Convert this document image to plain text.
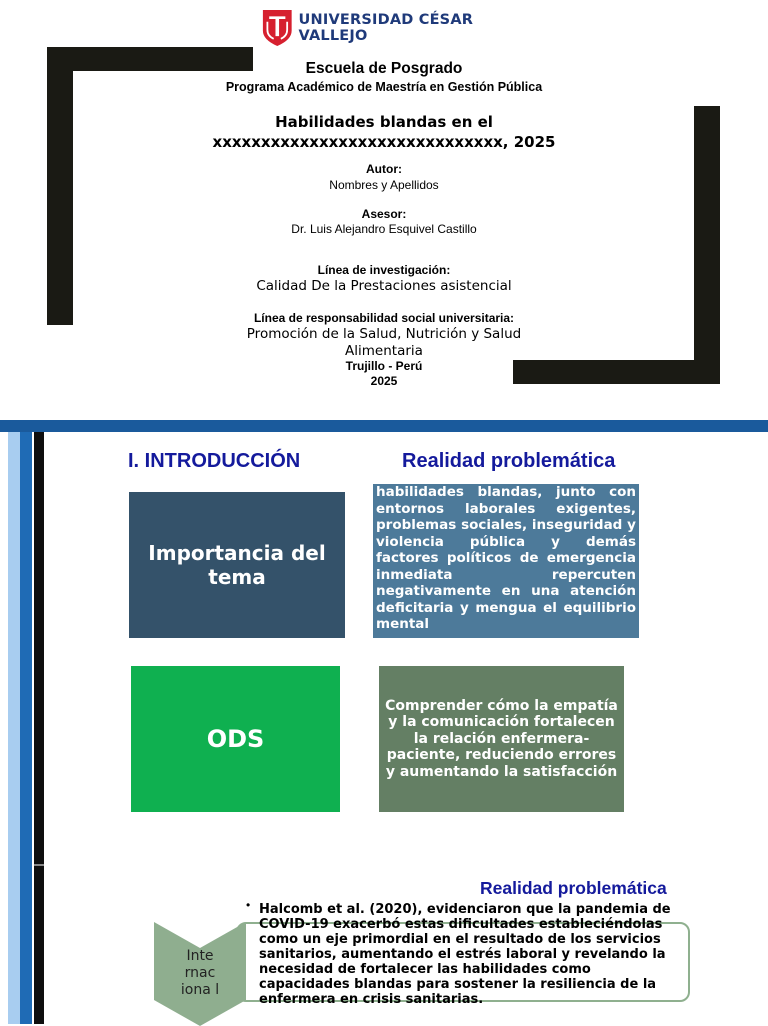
UNIVERSIDAD CÉSAR VALLEJO
Escuela de Posgrado
Programa Académico de Maestría en Gestión Pública
Habilidades blandas en el
xxxxxxxxxxxxxxxxxxxxxxxxxxxxxx, 2025
Autor:
Nombres y Apellidos
Asesor:
Dr. Luis Alejandro Esquivel Castillo
Línea de investigación:
Calidad De la Prestaciones asistencial
Línea de responsabilidad social universitaria:
Promoción de la Salud, Nutrición y Salud
Alimentaria
Trujillo - Perú
2025
I. INTRODUCCIÓN	Realidad problemática
Importancia del tema

habilidades blandas, junto con entornos laborales exigentes, problemas sociales, inseguridad y violencia pública y demás factores políticos de emergencia inmediata repercuten negativamente en una atención deficitaria y mengua el equilibrio mental

ODS
Comprender cómo la empatía y la comunicación fortalecen la relación enfermera-paciente, reduciendo errores y aumentando la satisfacción
Realidad problemática
Inte rnac iona l
• Halcomb et al. (2020), evidenciaron que la pandemia de COVID-19 exacerbó estas dificultades estableciéndolas como un eje primordial en el resultado de los servicios sanitarios, aumentando el estrés laboral y revelando la necesidad de fortalecer las habilidades como capacidades blandas para sostener la resiliencia de la enfermera en crisis sanitarias.
